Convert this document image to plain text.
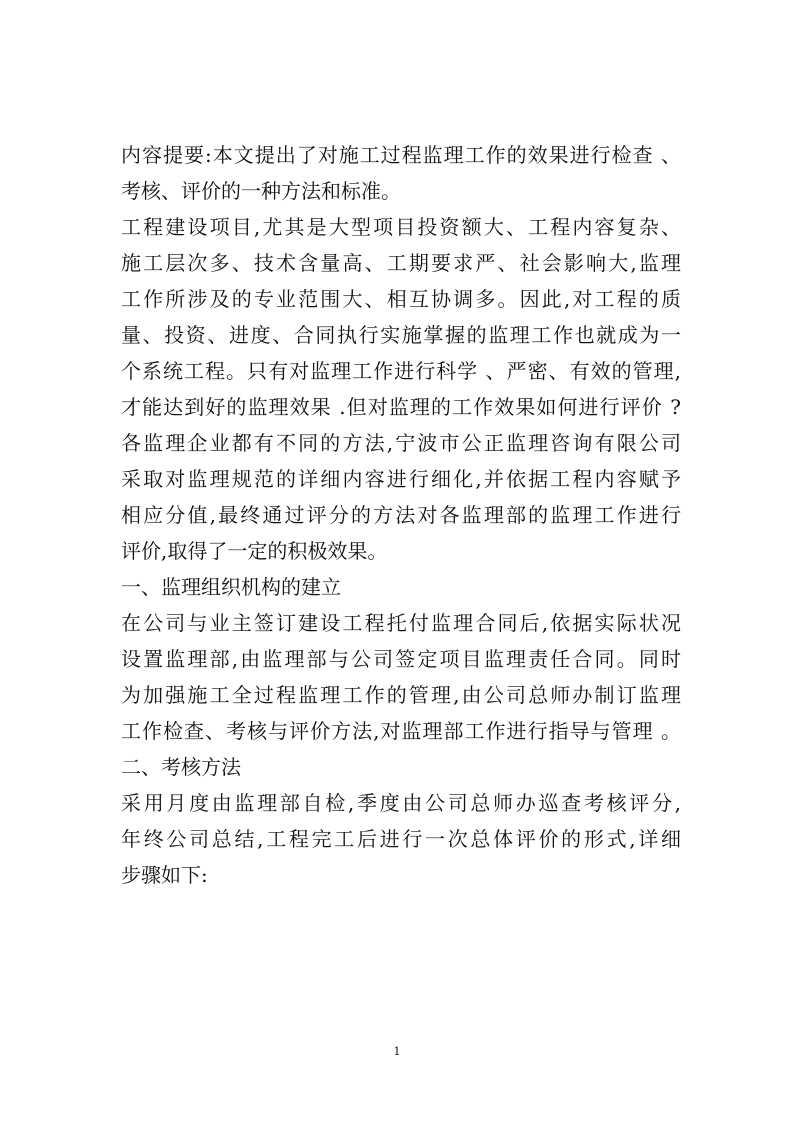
内容提要:本文提出了对施工过程监理工作的效果进行检查 、
考核、评价的一种方法和标准。
工程建设项目,尤其是大型项目投资额大、工程内容复杂、
施工层次多、技术含量高、工期要求严、社会影响大,监理
工作所涉及的专业范围大、相互协调多。因此,对工程的质
量、投资、进度、合同执行实施掌握的监理工作也就成为一
个系统工程。只有对监理工作进行科学 、严密、有效的管理,
才能达到好的监理效果 .但对监理的工作效果如何进行评价 ?
各监理企业都有不同的方法,宁波市公正监理咨询有限公司
采取对监理规范的详细内容进行细化,并依据工程内容赋予
相应分值,最终通过评分的方法对各监理部的监理工作进行
评价,取得了一定的积极效果。
一、监理组织机构的建立
在公司与业主签订建设工程托付监理合同后,依据实际状况
设置监理部,由监理部与公司签定项目监理责任合同。同时
为加强施工全过程监理工作的管理,由公司总师办制订监理
工作检查、考核与评价方法,对监理部工作进行指导与管理 。
二、考核方法
采用月度由监理部自检,季度由公司总师办巡查考核评分,
年终公司总结,工程完工后进行一次总体评价的形式,详细
步骤如下:
1
